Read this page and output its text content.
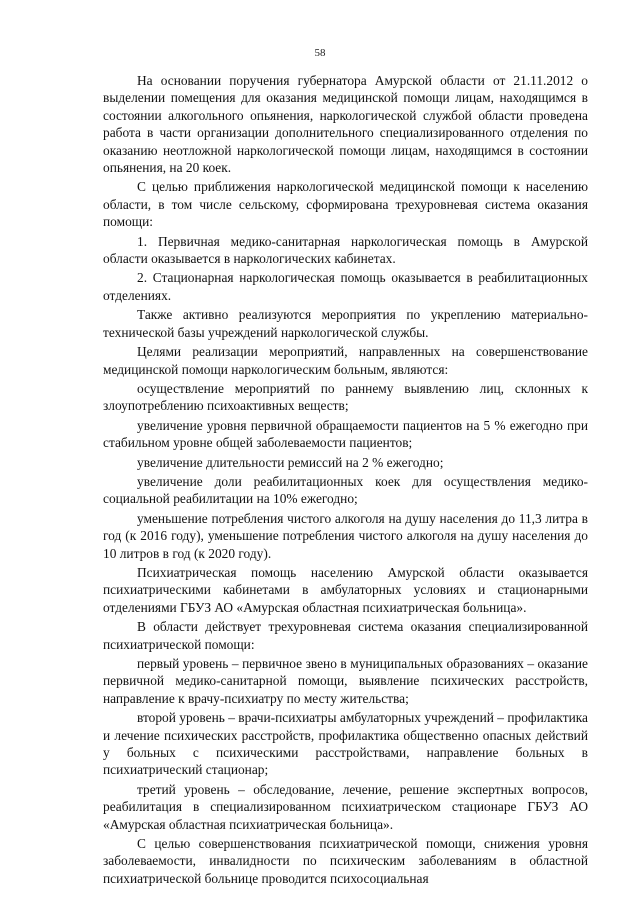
58

На основании поручения губернатора Амурской области от 21.11.2012 о выделении помещения для оказания медицинской помощи лицам, находящимся в состоянии алкогольного опьянения, наркологической службой области проведена работа в части организации дополнительного специализированного отделения по оказанию неотложной наркологической помощи лицам, находящимся в состоянии опьянения, на 20 коек.

С целью приближения наркологической медицинской помощи к населению области, в том числе сельскому, сформирована трехуровневая система оказания помощи:

1. Первичная медико-санитарная наркологическая помощь в Амурской области оказывается в наркологических кабинетах.

2. Стационарная наркологическая помощь оказывается в реабилитационных отделениях.

Также активно реализуются мероприятия по укреплению материально-технической базы учреждений наркологической службы.

Целями реализации мероприятий, направленных на совершенствование медицинской помощи наркологическим больным, являются:

осуществление мероприятий по раннему выявлению лиц, склонных к злоупотреблению психоактивных веществ;

увеличение уровня первичной обращаемости пациентов на 5 % ежегодно при стабильном уровне общей заболеваемости пациентов;

увеличение длительности ремиссий на 2 % ежегодно;

увеличение доли реабилитационных коек для осуществления медико-социальной реабилитации на 10% ежегодно;

уменьшение потребления чистого алкоголя на душу населения до 11,3 литра в год (к 2016 году), уменьшение потребления чистого алкоголя на душу населения до 10 литров в год (к 2020 году).

Психиатрическая помощь населению Амурской области оказывается психиатрическими кабинетами в амбулаторных условиях и стационарными отделениями ГБУЗ АО «Амурская областная психиатрическая больница».

В области действует трехуровневая система оказания специализированной психиатрической помощи:

первый уровень – первичное звено в муниципальных образованиях – оказание первичной медико-санитарной помощи, выявление психических расстройств, направление к врачу-психиатру по месту жительства;

второй уровень – врачи-психиатры амбулаторных учреждений – профилактика и лечение психических расстройств, профилактика общественно опасных действий у больных с психическими расстройствами, направление больных в психиатрический стационар;

третий уровень – обследование, лечение, решение экспертных вопросов, реабилитация в специализированном психиатрическом стационаре ГБУЗ АО «Амурская областная психиатрическая больница».

С целью совершенствования психиатрической помощи, снижения уровня заболеваемости, инвалидности по психическим заболеваниям в областной психиатрической больнице проводится психосоциальная
